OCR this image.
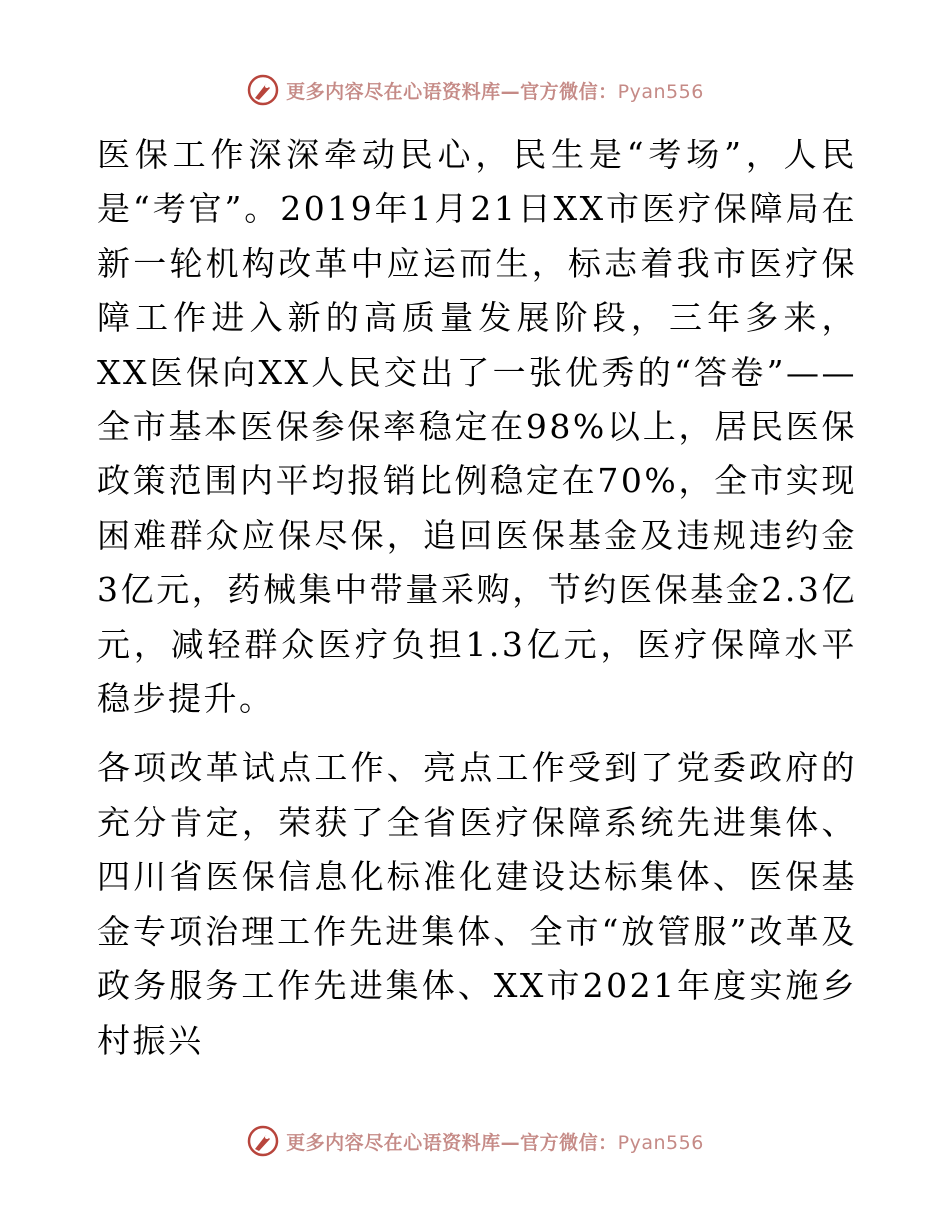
更多内容尽在心语资料库—官方微信：Pyan556

医保工作深深牵动民心，民生是“考场”，人民是“考官”。2019年1月21日XX市医疗保障局在新一轮机构改革中应运而生，标志着我市医疗保障工作进入新的高质量发展阶段，三年多来，XX医保向XX人民交出了一张优秀的“答卷”——全市基本医保参保率稳定在98%以上，居民医保政策范围内平均报销比例稳定在70%，全市实现困难群众应保尽保，追回医保基金及违规违约金3亿元，药械集中带量采购，节约医保基金2.3亿元，减轻群众医疗负担1.3亿元，医疗保障水平稳步提升。

各项改革试点工作、亮点工作受到了党委政府的充分肯定，荣获了全省医疗保障系统先进集体、四川省医保信息化标准化建设达标集体、医保基金专项治理工作先进集体、全市“放管服”改革及政务服务工作先进集体、XX市2021年度实施乡村振兴

更多内容尽在心语资料库—官方微信：Pyan556
